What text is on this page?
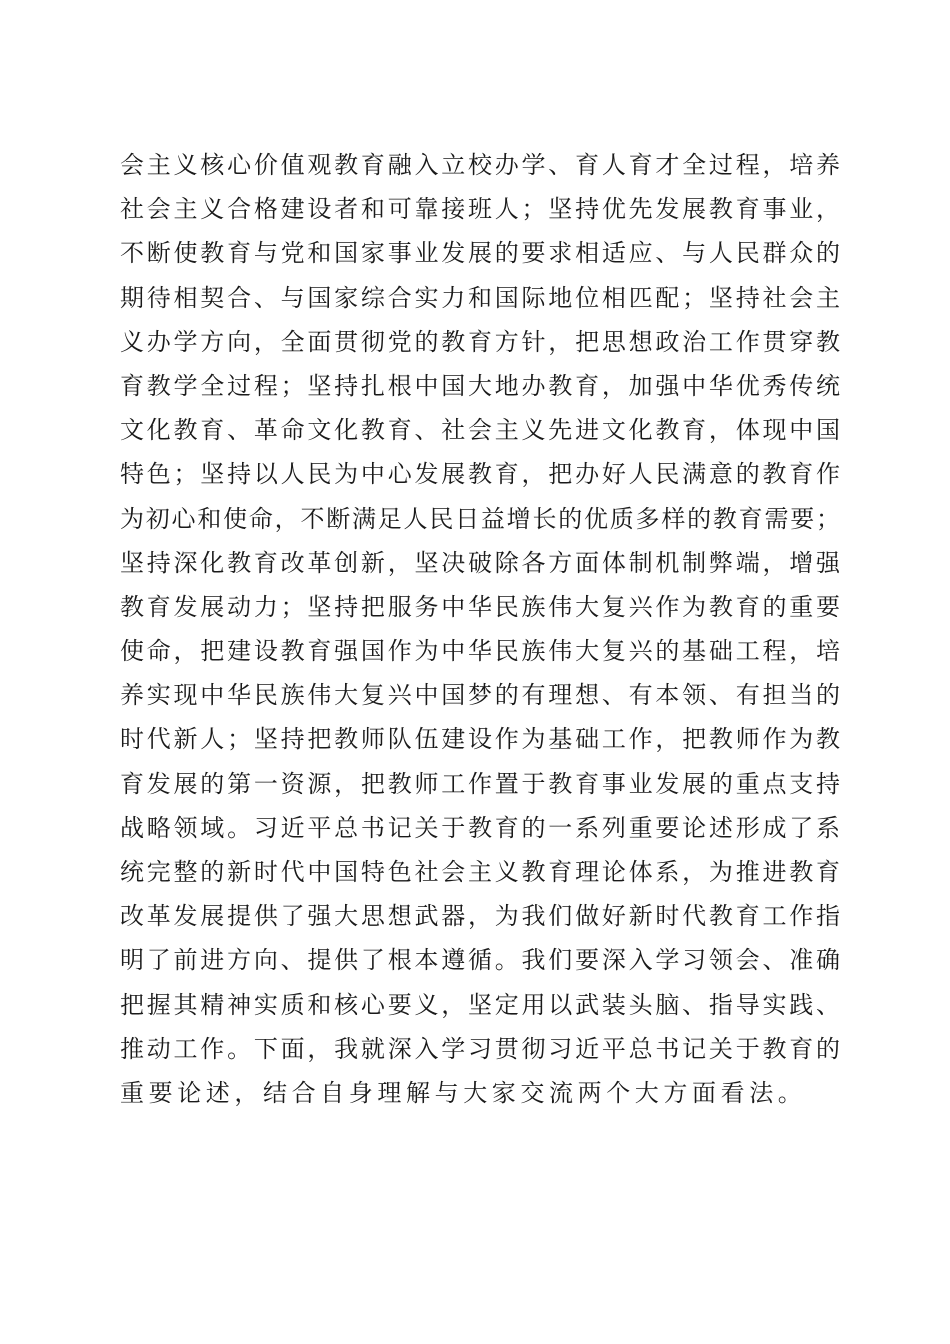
会主义核心价值观教育融入立校办学、育人育才全过程，培养
社会主义合格建设者和可靠接班人；坚持优先发展教育事业，
不断使教育与党和国家事业发展的要求相适应、与人民群众的
期待相契合、与国家综合实力和国际地位相匹配；坚持社会主
义办学方向，全面贯彻党的教育方针，把思想政治工作贯穿教
育教学全过程；坚持扎根中国大地办教育，加强中华优秀传统
文化教育、革命文化教育、社会主义先进文化教育，体现中国
特色；坚持以人民为中心发展教育，把办好人民满意的教育作
为初心和使命，不断满足人民日益增长的优质多样的教育需要；
坚持深化教育改革创新，坚决破除各方面体制机制弊端，增强
教育发展动力；坚持把服务中华民族伟大复兴作为教育的重要
使命，把建设教育强国作为中华民族伟大复兴的基础工程，培
养实现中华民族伟大复兴中国梦的有理想、有本领、有担当的
时代新人；坚持把教师队伍建设作为基础工作，把教师作为教
育发展的第一资源，把教师工作置于教育事业发展的重点支持
战略领域。习近平总书记关于教育的一系列重要论述形成了系
统完整的新时代中国特色社会主义教育理论体系，为推进教育
改革发展提供了强大思想武器，为我们做好新时代教育工作指
明了前进方向、提供了根本遵循。我们要深入学习领会、准确
把握其精神实质和核心要义，坚定用以武装头脑、指导实践、
推动工作。下面，我就深入学习贯彻习近平总书记关于教育的
重要论述，结合自身理解与大家交流两个大方面看法。
